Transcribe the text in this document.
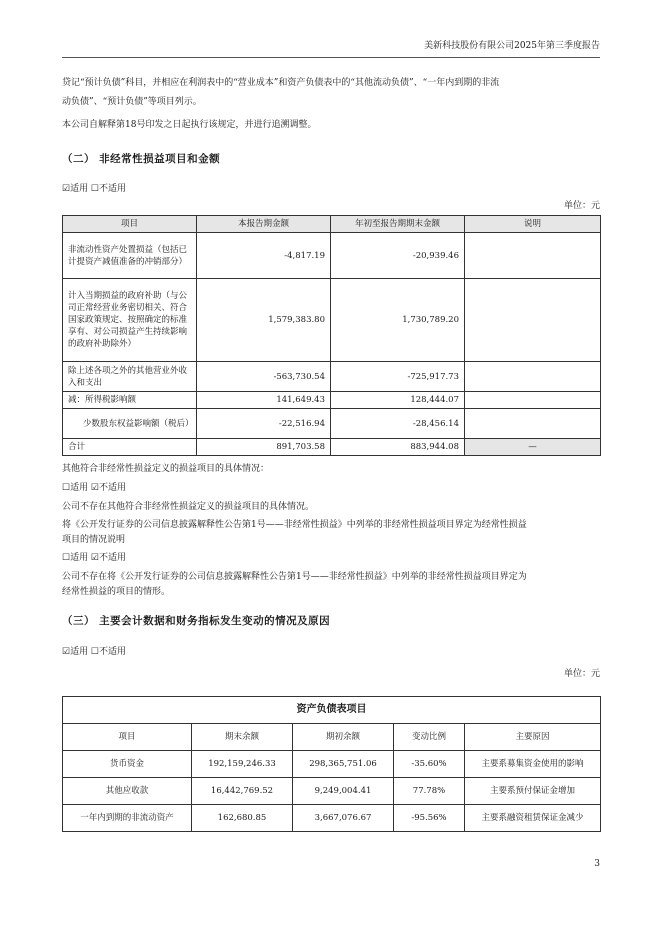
美新科技股份有限公司2025年第三季度报告
贷记“预计负债”科目，并相应在利润表中的“营业成本”和资产负债表中的“其他流动负债”、“一年内到期的非流
动负债”、“预计负债”等项目列示。
本公司自解释第18号印发之日起执行该规定，并进行追溯调整。
（二） 非经常性损益项目和金额
☑适用 ☐不适用
单位：元
项目	本报告期金额	年初至报告期期末金额	说明
非流动性资产处置损益（包括已计提资产减值准备的冲销部分）	-4,817.19	-20,939.46	
计入当期损益的政府补助（与公司正常经营业务密切相关、符合国家政策规定、按照确定的标准享有、对公司损益产生持续影响的政府补助除外）	1,579,383.80	1,730,789.20	
除上述各项之外的其他营业外收入和支出	-563,730.54	-725,917.73	
减：所得税影响额	141,649.43	128,444.07	
少数股东权益影响额（税后）	-22,516.94	-28,456.14	
合计	891,703.58	883,944.08	—
其他符合非经常性损益定义的损益项目的具体情况：
☐适用 ☑不适用
公司不存在其他符合非经常性损益定义的损益项目的具体情况。
将《公开发行证券的公司信息披露解释性公告第1号——非经常性损益》中列举的非经常性损益项目界定为经常性损益
项目的情况说明
☐适用 ☑不适用
公司不存在将《公开发行证券的公司信息披露解释性公告第1号——非经常性损益》中列举的非经常性损益项目界定为
经常性损益的项目的情形。
（三） 主要会计数据和财务指标发生变动的情况及原因
☑适用 ☐不适用
单位：元
资产负债表项目				
项目	期末余额	期初余额	变动比例	主要原因
货币资金	192,159,246.33	298,365,751.06	-35.60%	主要系募集资金使用的影响
其他应收款	16,442,769.52	9,249,004.41	77.78%	主要系预付保证金增加
一年内到期的非流动资产	162,680.85	3,667,076.67	-95.56%	主要系融资租赁保证金减少
3
